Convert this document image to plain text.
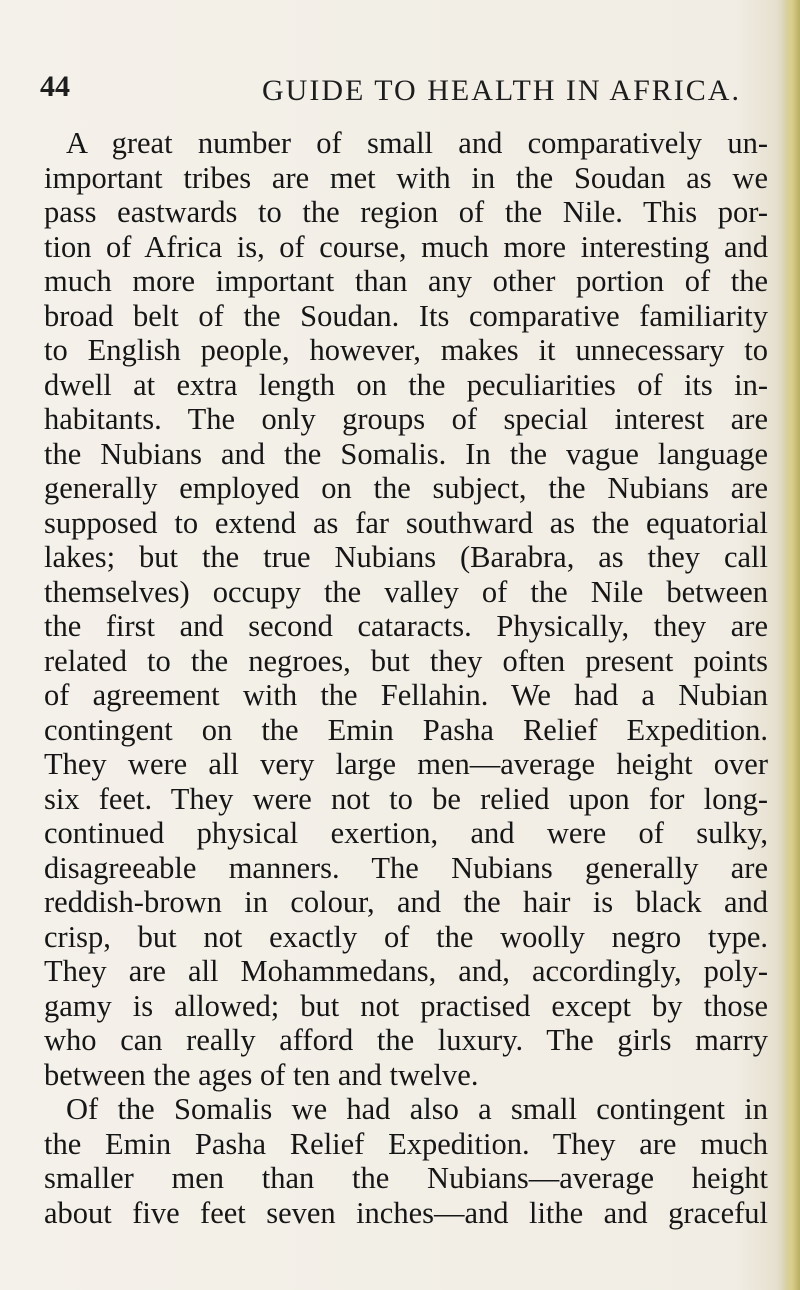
44	GUIDE TO HEALTH IN AFRICA.
A great number of small and comparatively un-
important tribes are met with in the Soudan as we
pass eastwards to the region of the Nile. This por-
tion of Africa is, of course, much more interesting and
much more important than any other portion of the
broad belt of the Soudan. Its comparative familiarity
to English people, however, makes it unnecessary to
dwell at extra length on the peculiarities of its in-
habitants. The only groups of special interest are
the Nubians and the Somalis. In the vague language
generally employed on the subject, the Nubians are
supposed to extend as far southward as the equatorial
lakes; but the true Nubians (Barabra, as they call
themselves) occupy the valley of the Nile between
the first and second cataracts. Physically, they are
related to the negroes, but they often present points
of agreement with the Fellahin. We had a Nubian
contingent on the Emin Pasha Relief Expedition.
They were all very large men—average height over
six feet. They were not to be relied upon for long-
continued physical exertion, and were of sulky,
disagreeable manners. The Nubians generally are
reddish-brown in colour, and the hair is black and
crisp, but not exactly of the woolly negro type.
They are all Mohammedans, and, accordingly, poly-
gamy is allowed; but not practised except by those
who can really afford the luxury. The girls marry
between the ages of ten and twelve.
Of the Somalis we had also a small contingent in
the Emin Pasha Relief Expedition. They are much
smaller men than the Nubians—average height
about five feet seven inches—and lithe and graceful
